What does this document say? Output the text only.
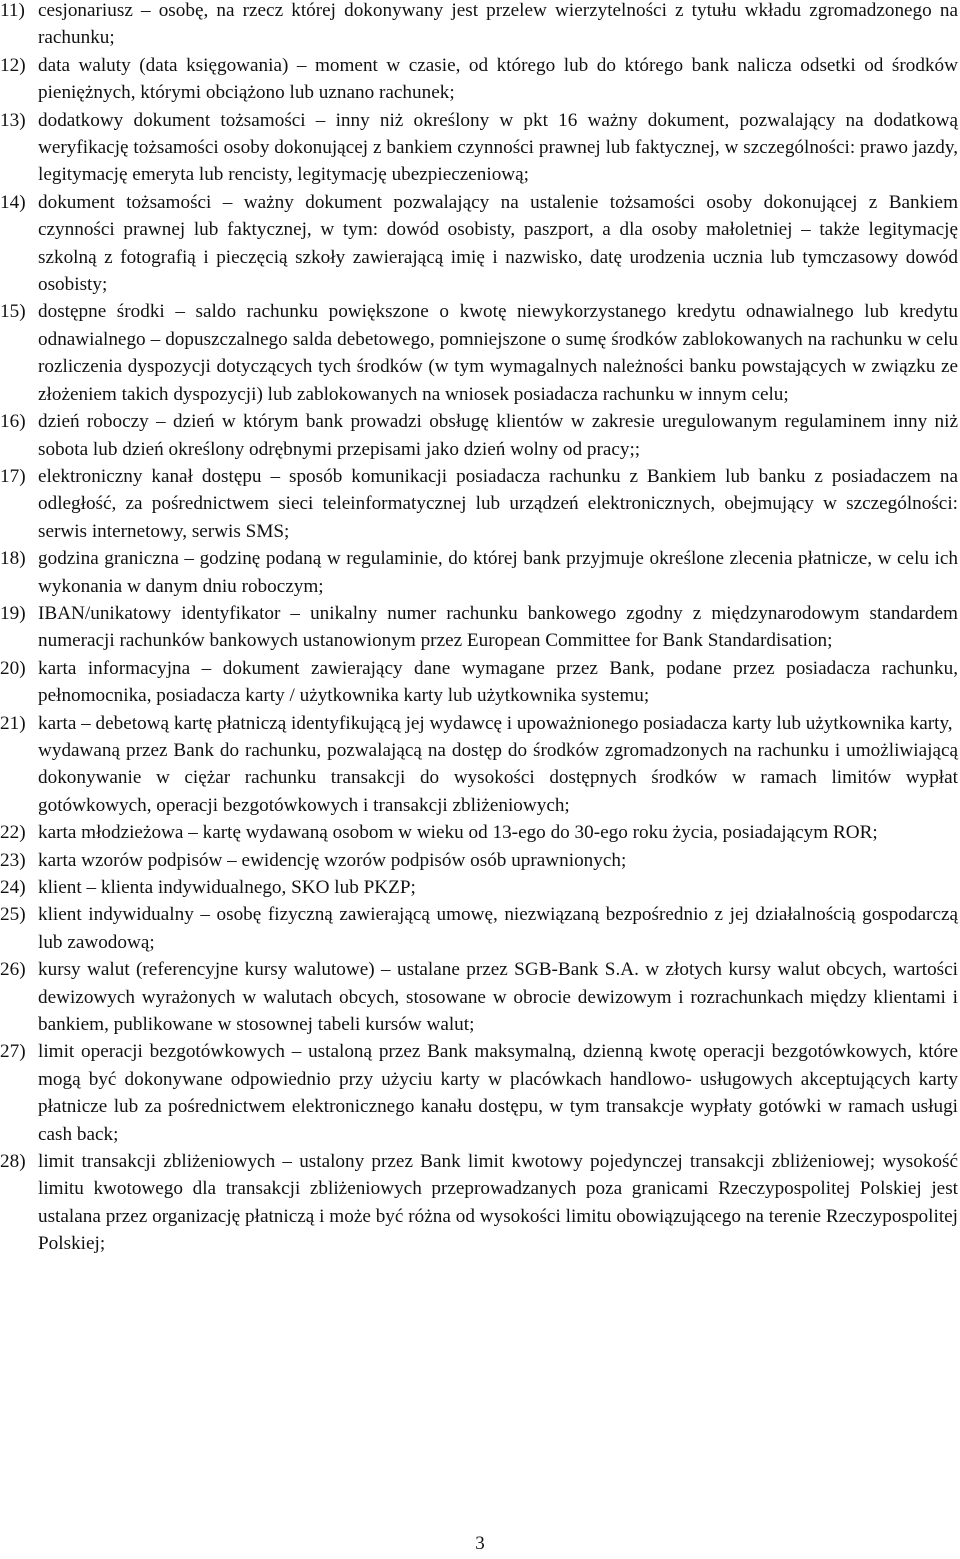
11) cesjonariusz – osobę, na rzecz której dokonywany jest przelew wierzytelności z tytułu wkładu zgromadzonego na rachunku;
12) data waluty (data księgowania) – moment w czasie, od którego lub do którego bank nalicza odsetki od środków pieniężnych, którymi obciążono lub uznano rachunek;
13) dodatkowy dokument tożsamości – inny niż określony w pkt 16 ważny dokument, pozwalający na dodatkową weryfikację tożsamości osoby dokonującej z bankiem czynności prawnej lub faktycznej, w szczególności: prawo jazdy, legitymację emeryta lub rencisty, legitymację ubezpieczeniową;
14) dokument tożsamości – ważny dokument pozwalający na ustalenie tożsamości osoby dokonującej z Bankiem czynności prawnej lub faktycznej, w tym: dowód osobisty, paszport, a dla osoby małoletniej – także legitymację szkolną z fotografią i pieczęcią szkoły zawierającą imię i nazwisko, datę urodzenia ucznia lub tymczasowy dowód osobisty;
15) dostępne środki – saldo rachunku powiększone o kwotę niewykorzystanego kredytu odnawialnego lub kredytu odnawialnego – dopuszczalnego salda debetowego, pomniejszone o sumę środków zablokowanych na rachunku w celu rozliczenia dyspozycji dotyczących tych środków (w tym wymagalnych należności banku powstających w związku ze złożeniem takich dyspozycji) lub zablokowanych na wniosek posiadacza rachunku w innym celu;
16) dzień roboczy – dzień w którym bank prowadzi obsługę klientów w zakresie uregulowanym regulaminem inny niż sobota lub dzień określony odrębnymi przepisami jako dzień wolny od pracy;;
17) elektroniczny kanał dostępu – sposób komunikacji posiadacza rachunku z Bankiem lub banku z posiadaczem na odległość, za pośrednictwem sieci teleinformatycznej lub urządzeń elektronicznych, obejmujący w szczególności: serwis internetowy, serwis SMS;
18) godzina graniczna – godzinę podaną w regulaminie, do której bank przyjmuje określone zlecenia płatnicze, w celu ich wykonania w danym dniu roboczym;
19) IBAN/unikatowy identyfikator – unikalny numer rachunku bankowego zgodny z międzynarodowym standardem numeracji rachunków bankowych ustanowionym przez European Committee for Bank Standardisation;
20) karta informacyjna – dokument zawierający dane wymagane przez Bank, podane przez posiadacza rachunku, pełnomocnika, posiadacza karty / użytkownika karty lub użytkownika systemu;
21) karta – debetową kartę płatniczą identyfikującą jej wydawcę i upoważnionego posiadacza karty lub użytkownika karty,
wydawaną przez Bank do rachunku, pozwalającą na dostęp do środków zgromadzonych na rachunku i umożliwiającą dokonywanie w ciężar rachunku transakcji do wysokości dostępnych środków w ramach limitów wypłat gotówkowych, operacji bezgotówkowych i transakcji zbliżeniowych;
22) karta młodzieżowa – kartę wydawaną osobom w wieku od 13-ego do 30-ego roku życia, posiadającym ROR;
23) karta wzorów podpisów – ewidencję wzorów podpisów osób uprawnionych;
24) klient – klienta indywidualnego, SKO lub PKZP;
25) klient indywidualny – osobę fizyczną zawierającą umowę, niezwiązaną bezpośrednio z jej działalnością gospodarczą lub zawodową;
26) kursy walut (referencyjne kursy walutowe) – ustalane przez SGB-Bank S.A. w złotych kursy walut obcych, wartości dewizowych wyrażonych w walutach obcych, stosowane w obrocie dewizowym i rozrachunkach między klientami i bankiem, publikowane w stosownej tabeli kursów walut;
27) limit operacji bezgotówkowych – ustaloną przez Bank maksymalną, dzienną kwotę operacji bezgotówkowych, które mogą być dokonywane odpowiednio przy użyciu karty w placówkach handlowo- usługowych akceptujących karty płatnicze lub za pośrednictwem elektronicznego kanału dostępu, w tym transakcje wypłaty gotówki w ramach usługi cash back;
28) limit transakcji zbliżeniowych – ustalony przez Bank limit kwotowy pojedynczej transakcji zbliżeniowej; wysokość limitu kwotowego dla transakcji zbliżeniowych przeprowadzanych poza granicami Rzeczypospolitej Polskiej jest ustalana przez organizację płatniczą i może być różna od wysokości limitu obowiązującego na terenie Rzeczypospolitej Polskiej;
3
